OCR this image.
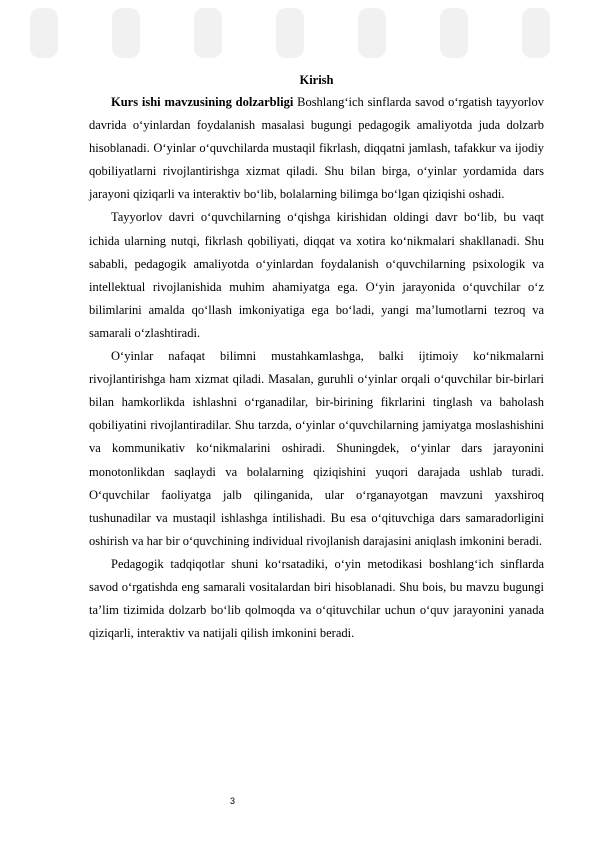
Kirish

Kurs ishi mavzusining dolzarbligi Boshlang‘ich sinflarda savod o‘rgatish tayyorlov davrida o‘yinlardan foydalanish masalasi bugungi pedagogik amaliyotda juda dolzarb hisoblanadi. O‘yinlar o‘quvchilarda mustaqil fikrlash, diqqatni jamlash, tafakkur va ijodiy qobiliyatlarni rivojlantirishga xizmat qiladi. Shu bilan birga, o‘yinlar yordamida dars jarayoni qiziqarli va interaktiv bo‘lib, bolalarning bilimga bo‘lgan qiziqishi oshadi.

Tayyorlov davri o‘quvchilarning o‘qishga kirishidan oldingi davr bo‘lib, bu vaqt ichida ularning nutqi, fikrlash qobiliyati, diqqat va xotira ko‘nikmalari shakllanadi. Shu sababli, pedagogik amaliyotda o‘yinlardan foydalanish o‘quvchilarning psixologik va intellektual rivojlanishida muhim ahamiyatga ega. O‘yin jarayonida o‘quvchilar o‘z bilimlarini amalda qo‘llash imkoniyatiga ega bo‘ladi, yangi ma’lumotlarni tezroq va samarali o‘zlashtiradi.

O‘yinlar nafaqat bilimni mustahkamlashga, balki ijtimoiy ko‘nikmalarni rivojlantirishga ham xizmat qiladi. Masalan, guruhli o‘yinlar orqali o‘quvchilar bir-birlari bilan hamkorlikda ishlashni o‘rganadilar, bir-birining fikrlarini tinglash va baholash qobiliyatini rivojlantiradilar. Shu tarzda, o‘yinlar o‘quvchilarning jamiyatga moslashishini va kommunikativ ko‘nikmalarini oshiradi. Shuningdek, o‘yinlar dars jarayonini monotonlikdan saqlaydi va bolalarning qiziqishini yuqori darajada ushlab turadi. O‘quvchilar faoliyatga jalb qilinganida, ular o‘rganayotgan mavzuni yaxshiroq tushunadilar va mustaqil ishlashga intilishadi. Bu esa o‘qituvchiga dars samaradorligini oshirish va har bir o‘quvchining individual rivojlanish darajasini aniqlash imkonini beradi.

Pedagogik tadqiqotlar shuni ko‘rsatadiki, o‘yin metodikasi boshlang‘ich sinflarda savod o‘rgatishda eng samarali vositalardan biri hisoblanadi. Shu bois, bu mavzu bugungi ta’lim tizimida dolzarb bo‘lib qolmoqda va o‘qituvchilar uchun o‘quv jarayonini yanada qiziqarli, interaktiv va natijali qilish imkonini beradi.

3
